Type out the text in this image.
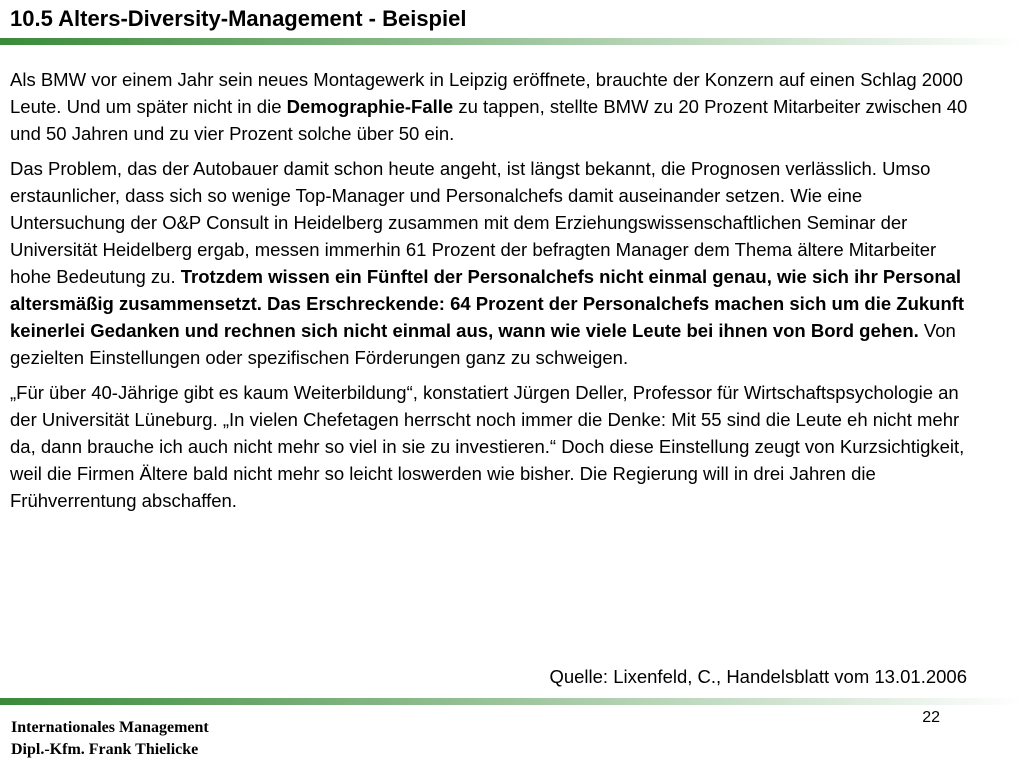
10.5 Alters-Diversity-Management - Beispiel

Als BMW vor einem Jahr sein neues Montagewerk in Leipzig eröffnete, brauchte der Konzern auf einen Schlag 2000 Leute. Und um später nicht in die Demographie-Falle zu tappen, stellte BMW zu 20 Prozent Mitarbeiter zwischen 40 und 50 Jahren und zu vier Prozent solche über 50 ein.

Das Problem, das der Autobauer damit schon heute angeht, ist längst bekannt, die Prognosen verlässlich. Umso erstaunlicher, dass sich so wenige Top-Manager und Personalchefs damit auseinander setzen. Wie eine Untersuchung der O&P Consult in Heidelberg zusammen mit dem Erziehungswissenschaftlichen Seminar der Universität Heidelberg ergab, messen immerhin 61 Prozent der befragten Manager dem Thema ältere Mitarbeiter hohe Bedeutung zu. Trotzdem wissen ein Fünftel der Personalchefs nicht einmal genau, wie sich ihr Personal altersmäßig zusammensetzt. Das Erschreckende: 64 Prozent der Personalchefs machen sich um die Zukunft keinerlei Gedanken und rechnen sich nicht einmal aus, wann wie viele Leute bei ihnen von Bord gehen. Von gezielten Einstellungen oder spezifischen Förderungen ganz zu schweigen.

„Für über 40-Jährige gibt es kaum Weiterbildung“, konstatiert Jürgen Deller, Professor für Wirtschaftspsychologie an der Universität Lüneburg. „In vielen Chefetagen herrscht noch immer die Denke: Mit 55 sind die Leute eh nicht mehr da, dann brauche ich auch nicht mehr so viel in sie zu investieren.“ Doch diese Einstellung zeugt von Kurzsichtigkeit, weil die Firmen Ältere bald nicht mehr so leicht loswerden wie bisher. Die Regierung will in drei Jahren die Frühverrentung abschaffen.

Quelle: Lixenfeld, C., Handelsblatt vom 13.01.2006
Internationales Management
Dipl.-Kfm. Frank Thielicke
22
